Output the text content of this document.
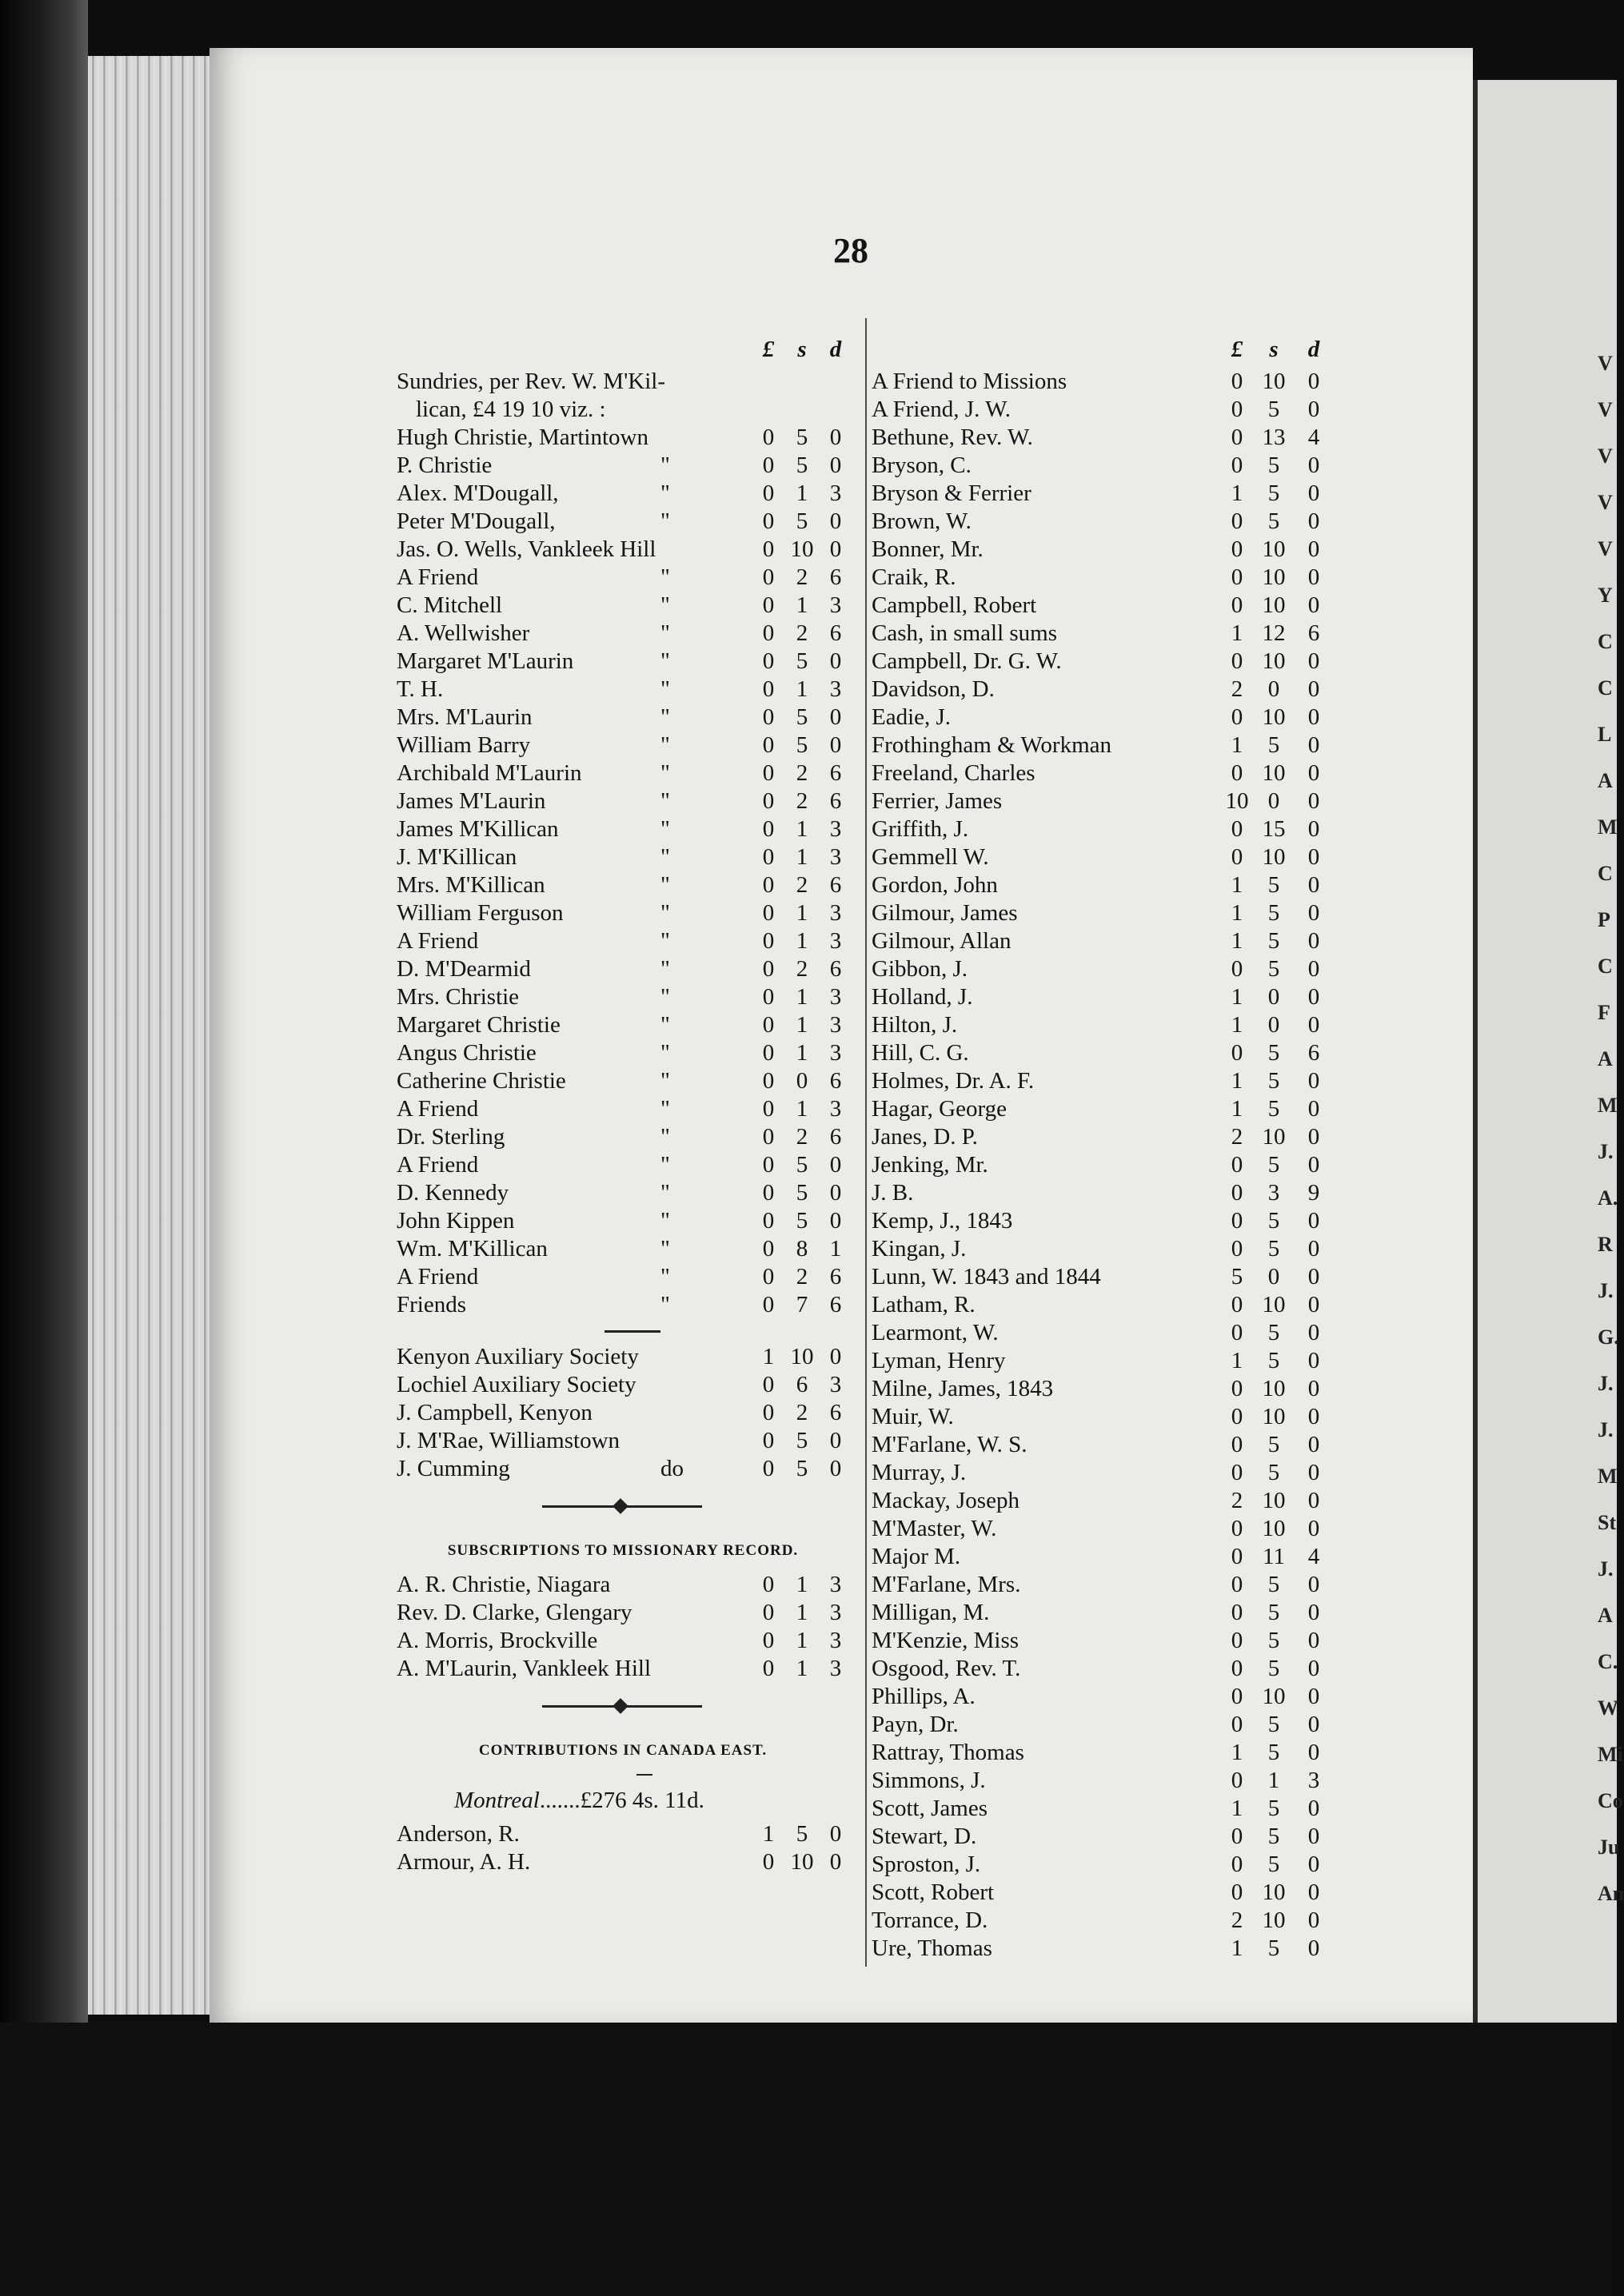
28
£	s	d
Sundries, per Rev. W. M'Kil-
lican, £4 19 10 viz. :
Hugh Christie, Martintown	0 5 0
P. Christie	"	0 5 0
Alex. M'Dougall,	"	0 1 3
Peter M'Dougall,	"	0 5 0
Jas. O. Wells, Vankleek Hill	0 10 0
A Friend	"	0 2 6
C. Mitchell	"	0 1 3
A. Wellwisher	"	0 2 6
Margaret M'Laurin	"	0 5 0
T. H.	"	0 1 3
Mrs. M'Laurin	"	0 5 0
William Barry	"	0 5 0
Archibald M'Laurin	"	0 2 6
James M'Laurin	"	0 2 6
James M'Killican	"	0 1 3
J. M'Killican	"	0 1 3
Mrs. M'Killican	"	0 2 6
William Ferguson	"	0 1 3
A Friend	"	0 1 3
D. M'Dearmid	"	0 2 6
Mrs. Christie	"	0 1 3
Margaret Christie	"	0 1 3
Angus Christie	"	0 1 3
Catherine Christie	"	0 0 6
A Friend	"	0 1 3
Dr. Sterling	"	0 2 6
A Friend	"	0 5 0
D. Kennedy	"	0 5 0
John Kippen	"	0 5 0
Wm. M'Killican	"	0 8 1
A Friend	"	0 2 6
Friends	"	0 7 6
Kenyon Auxiliary Society	1 10 0
Lochiel Auxiliary Society	0 6 3
J. Campbell, Kenyon	0 2 6
J. M'Rae, Williamstown	0 5 0
J. Cumming	do	0 5 0
SUBSCRIPTIONS TO MISSIONARY RECORD.
A. R. Christie, Niagara	0 1 3
Rev. D. Clarke, Glengary	0 1 3
A. Morris, Brockville	0 1 3
A. M'Laurin, Vankleek Hill	0 1 3
CONTRIBUTIONS IN CANADA EAST.
Montreal.......£276 4s. 11d.
Anderson, R.	1 5 0
Armour, A. H.	0 10 0
£	s	d
A Friend to Missions	0 10 0
A Friend, J. W.	0 5 0
Bethune, Rev. W.	0 13 4
Bryson, C.	0 5 0
Bryson & Ferrier	1 5 0
Brown, W.	0 5 0
Bonner, Mr.	0 10 0
Craik, R.	0 10 0
Campbell, Robert	0 10 0
Cash, in small sums	1 12 6
Campbell, Dr. G. W.	0 10 0
Davidson, D.	2 0 0
Eadie, J.	0 10 0
Frothingham & Workman	1 5 0
Freeland, Charles	0 10 0
Ferrier, James	10 0 0
Griffith, J.	0 15 0
Gemmell W.	0 10 0
Gordon, John	1 5 0
Gilmour, James	1 5 0
Gilmour, Allan	1 5 0
Gibbon, J.	0 5 0
Holland, J.	1 0 0
Hilton, J.	1 0 0
Hill, C. G.	0 5 6
Holmes, Dr. A. F.	1 5 0
Hagar, George	1 5 0
Janes, D. P.	2 10 0
Jenking, Mr.	0 5 0
J. B.	0 3 9
Kemp, J., 1843	0 5 0
Kingan, J.	0 5 0
Lunn, W. 1843 and 1844	5 0 0
Latham, R.	0 10 0
Learmont, W.	0 5 0
Lyman, Henry	1 5 0
Milne, James, 1843	0 10 0
Muir, W.	0 10 0
M'Farlane, W. S.	0 5 0
Murray, J.	0 5 0
Mackay, Joseph	2 10 0
M'Master, W.	0 10 0
Major M.	0 11 4
M'Farlane, Mrs.	0 5 0
Milligan, M.	0 5 0
M'Kenzie, Miss	0 5 0
Osgood, Rev. T.	0 5 0
Phillips, A.	0 10 0
Payn, Dr.	0 5 0
Rattray, Thomas	1 5 0
Simmons, J.	0 1 3
Scott, James	1 5 0
Stewart, D.	0 5 0
Sproston, J.	0 5 0
Scott, Robert	0 10 0
Torrance, D.	2 10 0
Ure, Thomas	1 5 0
V
V
V
V
V
Y
C
C
L
A
M
C
P
C
F
A
M
J.
A.
R
J.
G.
J.
J.
M
St
J.
A
C.
W
Mi
Co
Ju
An
